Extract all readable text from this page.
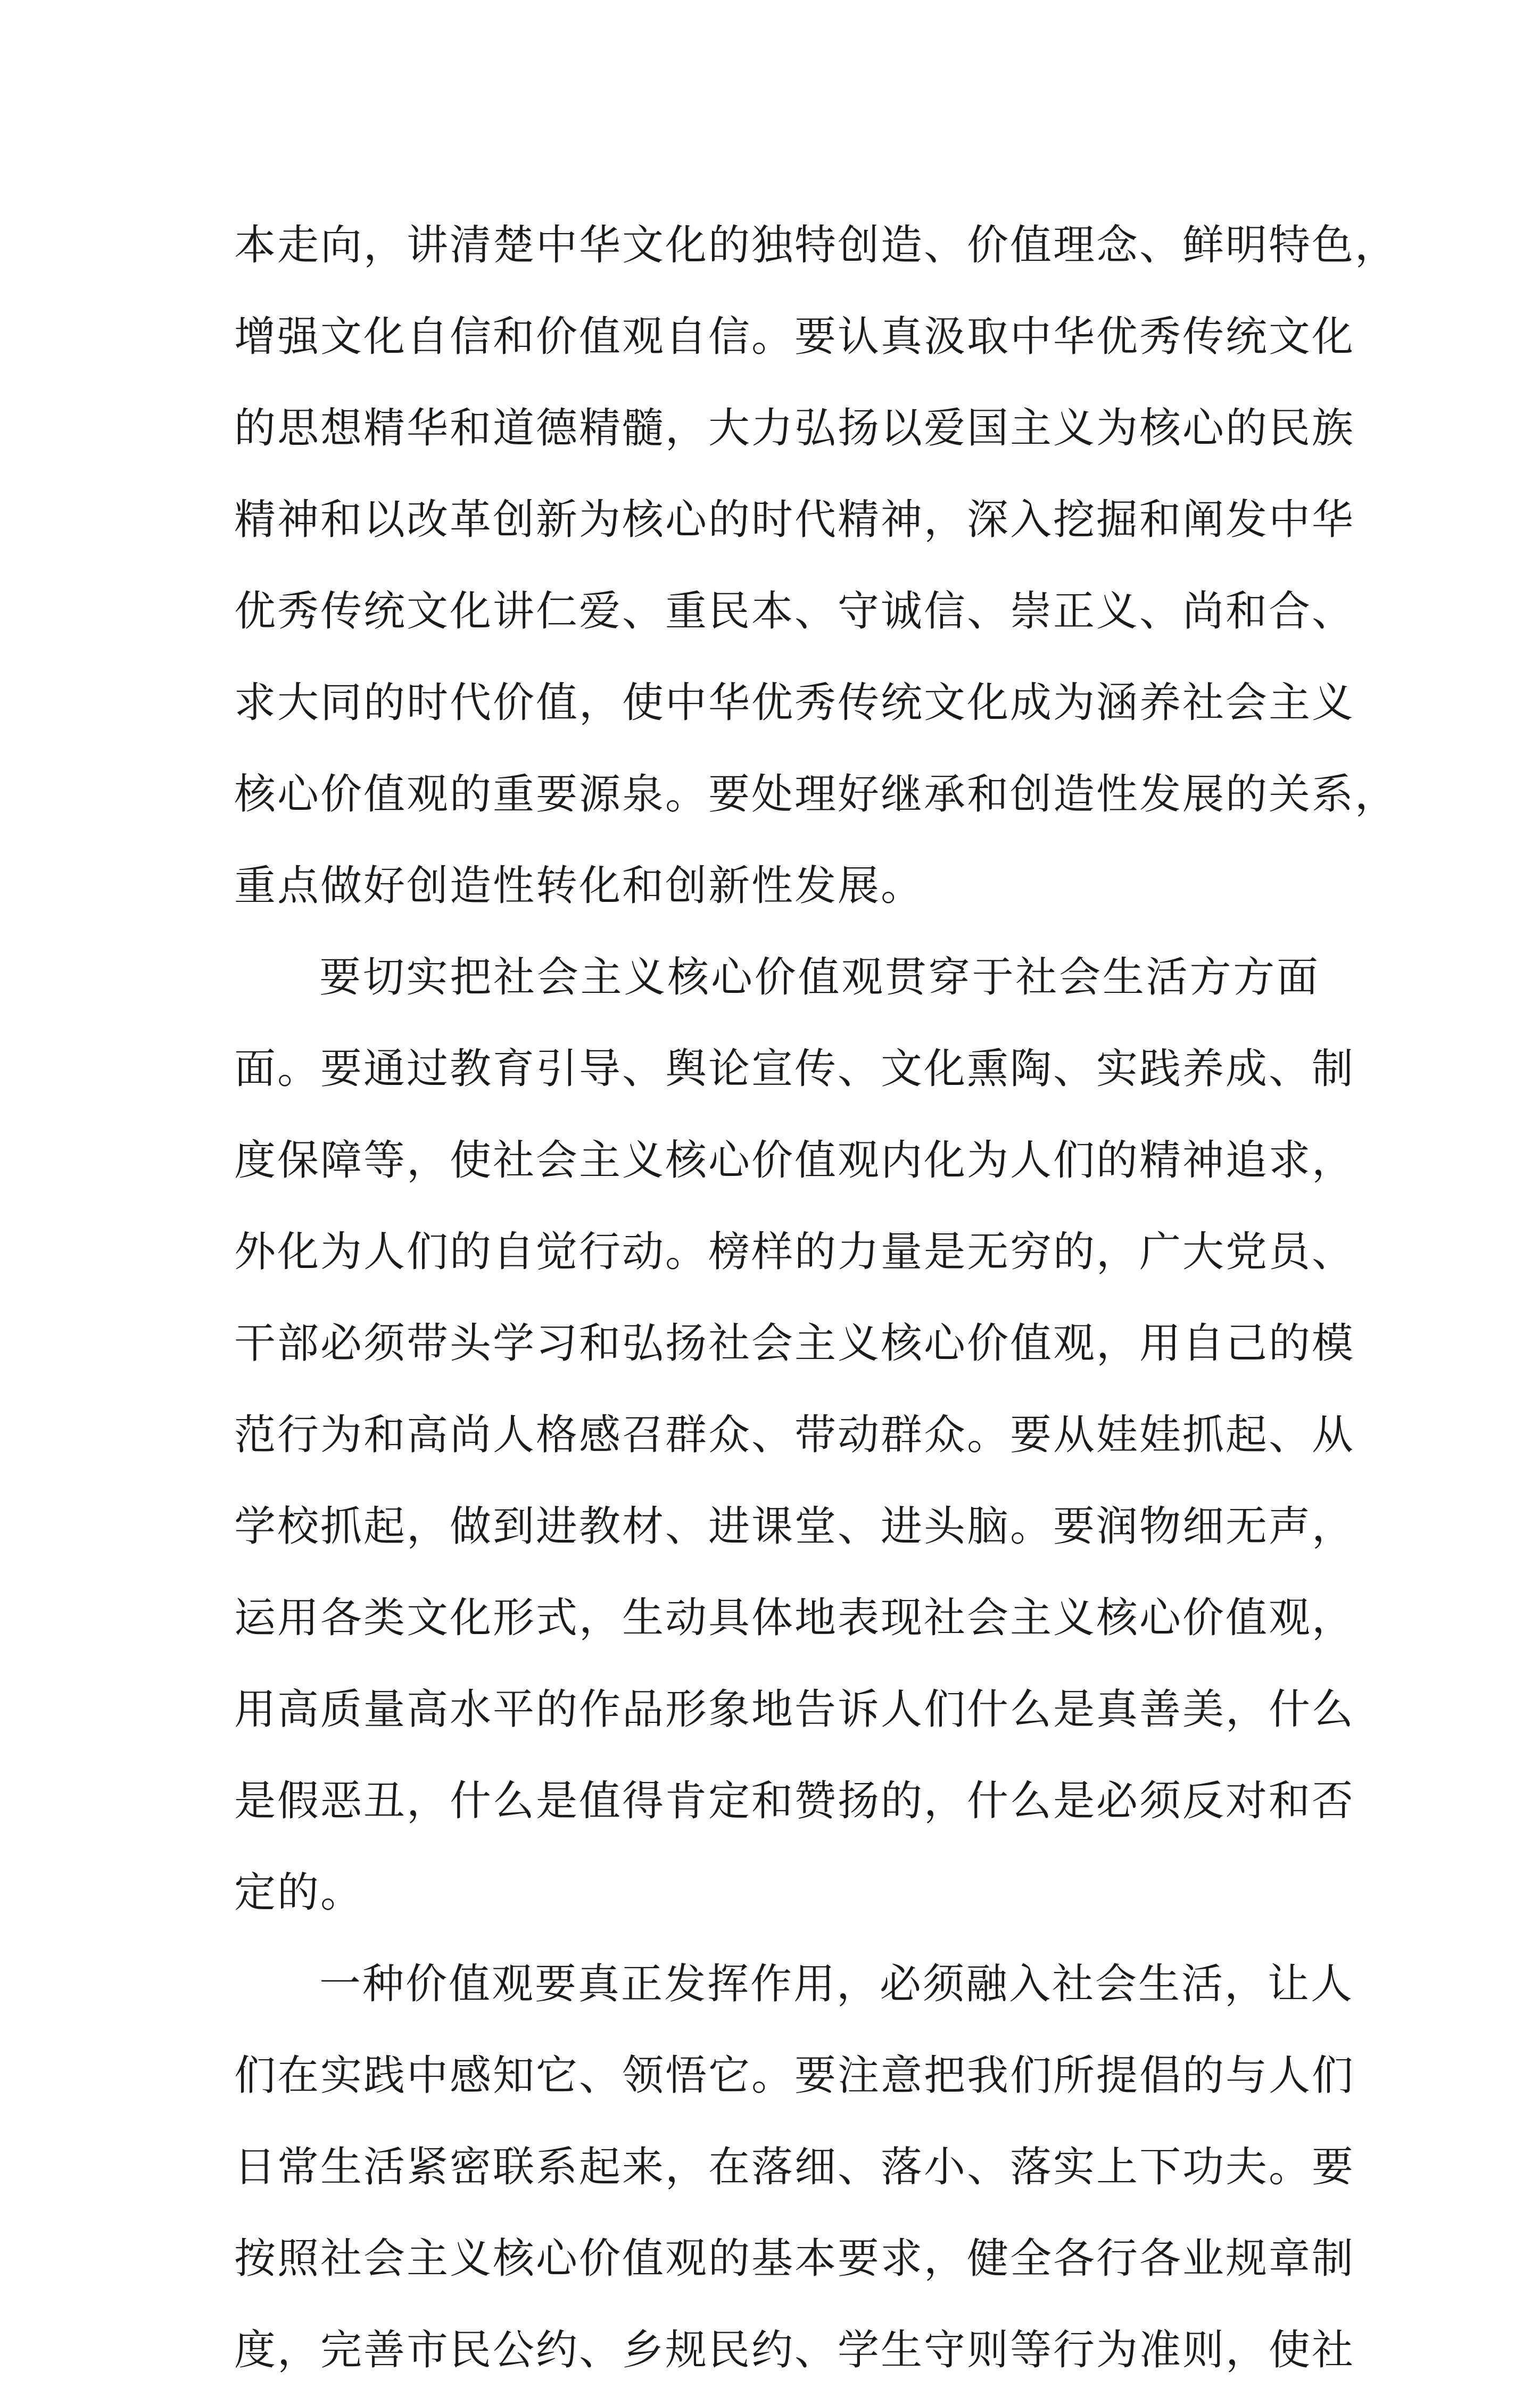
本走向，讲清楚中华文化的独特创造、价值理念、鲜明特色，
增强文化自信和价值观自信。要认真汲取中华优秀传统文化
的思想精华和道德精髓，大力弘扬以爱国主义为核心的民族
精神和以改革创新为核心的时代精神，深入挖掘和阐发中华
优秀传统文化讲仁爱、重民本、守诚信、崇正义、尚和合、
求大同的时代价值，使中华优秀传统文化成为涵养社会主义
核心价值观的重要源泉。要处理好继承和创造性发展的关系，
重点做好创造性转化和创新性发展。
要切实把社会主义核心价值观贯穿于社会生活方方面
面。要通过教育引导、舆论宣传、文化熏陶、实践养成、制
度保障等，使社会主义核心价值观内化为人们的精神追求，
外化为人们的自觉行动。榜样的力量是无穷的，广大党员、
干部必须带头学习和弘扬社会主义核心价值观，用自己的模
范行为和高尚人格感召群众、带动群众。要从娃娃抓起、从
学校抓起，做到进教材、进课堂、进头脑。要润物细无声，
运用各类文化形式，生动具体地表现社会主义核心价值观，
用高质量高水平的作品形象地告诉人们什么是真善美，什么
是假恶丑，什么是值得肯定和赞扬的，什么是必须反对和否
定的。
一种价值观要真正发挥作用，必须融入社会生活，让人
们在实践中感知它、领悟它。要注意把我们所提倡的与人们
日常生活紧密联系起来，在落细、落小、落实上下功夫。要
按照社会主义核心价值观的基本要求，健全各行各业规章制
度，完善市民公约、乡规民约、学生守则等行为准则，使社
